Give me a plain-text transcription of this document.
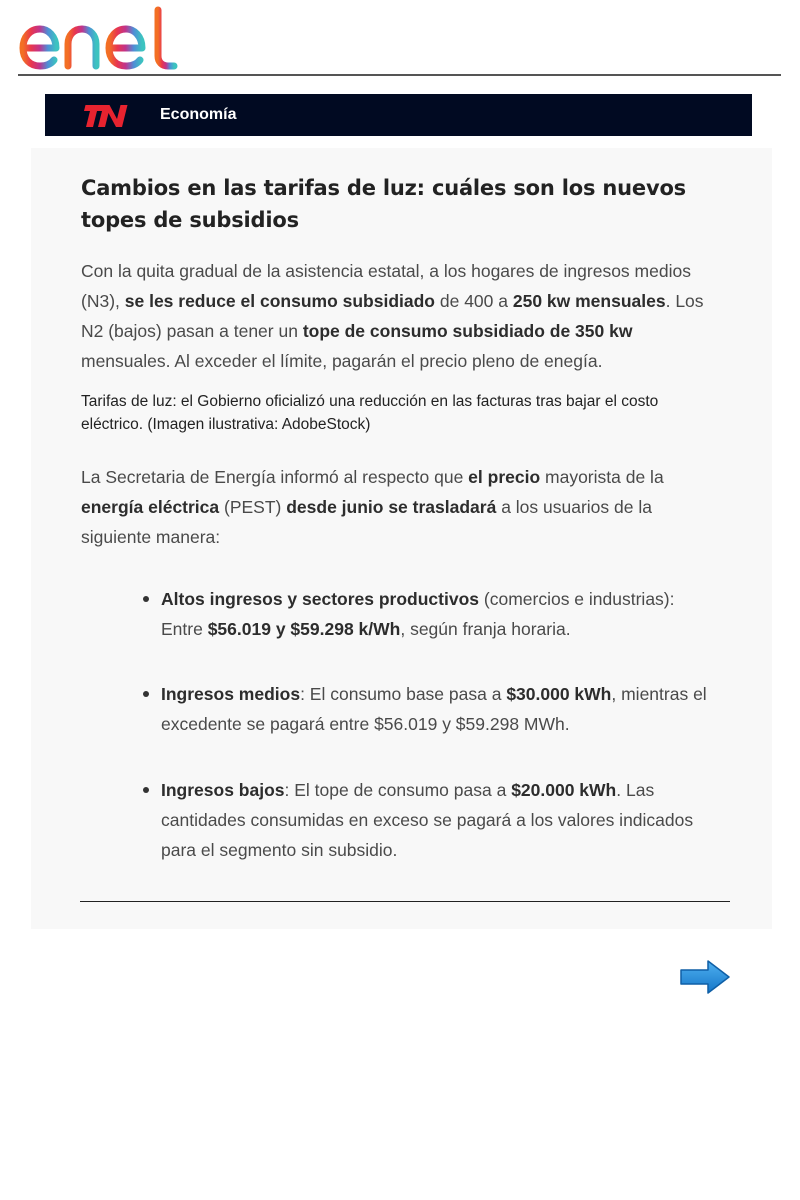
Economía
Cambios en las tarifas de luz: cuáles son los nuevos topes de subsidios

Con la quita gradual de la asistencia estatal, a los hogares de ingresos medios (N3), se les reduce el consumo subsidiado de 400 a 250 kw mensuales. Los N2 (bajos) pasan a tener un tope de consumo subsidiado de 350 kw mensuales. Al exceder el límite, pagarán el precio pleno de enegía.

Tarifas de luz: el Gobierno oficializó una reducción en las facturas tras bajar el costo eléctrico. (Imagen ilustrativa: AdobeStock)

La Secretaria de Energía informó al respecto que el precio mayorista de la energía eléctrica (PEST) desde junio se trasladará a los usuarios de la siguiente manera:

Altos ingresos y sectores productivos (comercios e industrias): Entre $56.019 y $59.298 k/Wh, según franja horaria.
Ingresos medios: El consumo base pasa a $30.000 kWh, mientras el excedente se pagará entre $56.019 y $59.298 MWh.
Ingresos bajos: El tope de consumo pasa a $20.000 kWh. Las cantidades consumidas en exceso se pagará a los valores indicados para el segmento sin subsidio.
